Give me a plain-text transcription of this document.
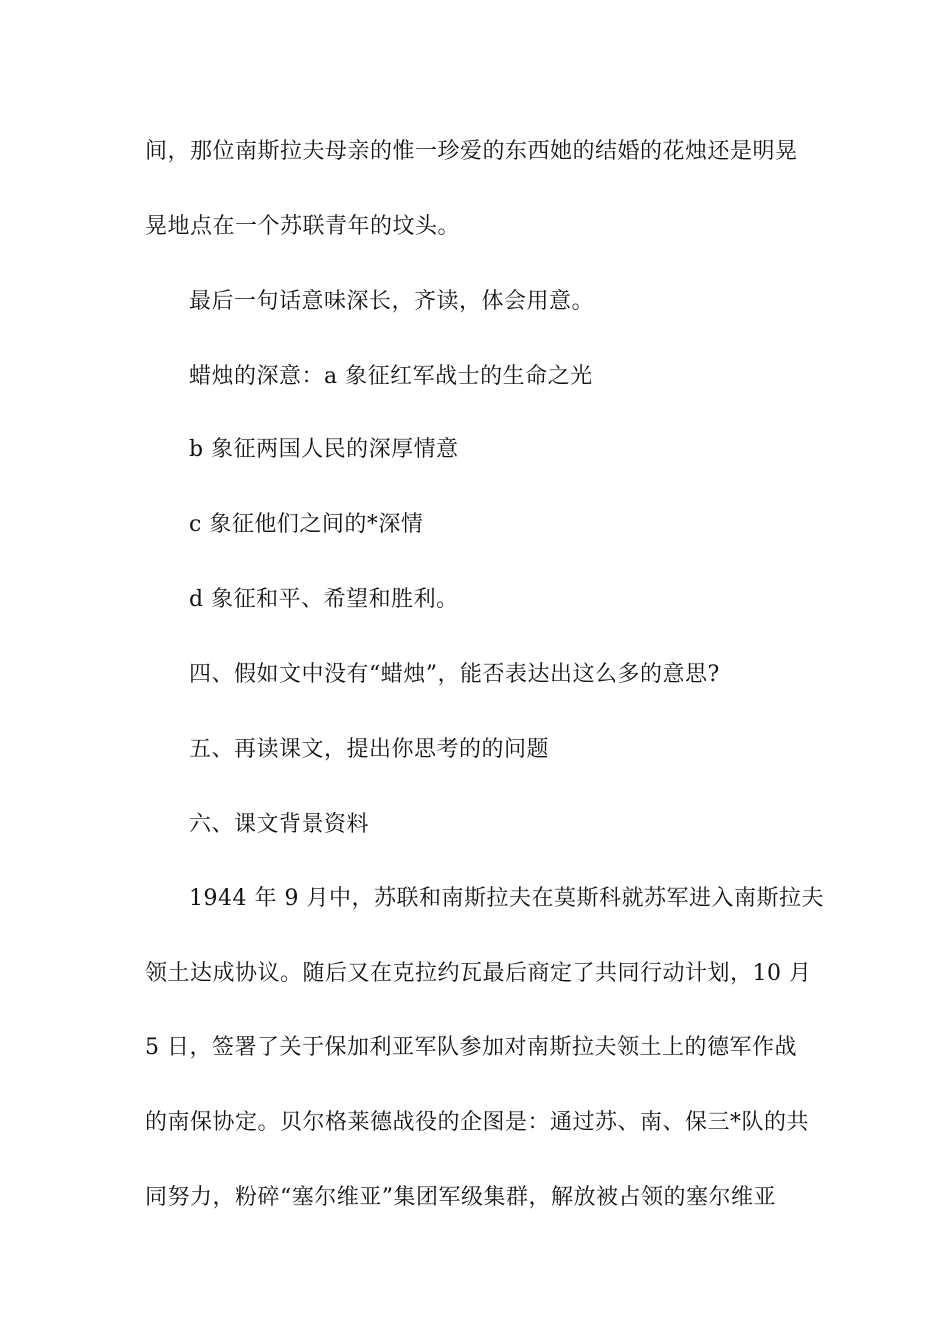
间，那位南斯拉夫母亲的惟一珍爱的东西她的结婚的花烛还是明晃
晃地点在一个苏联青年的坟头。
最后一句话意味深长，齐读，体会用意。
蜡烛的深意：a 象征红军战士的生命之光
b 象征两国人民的深厚情意
c 象征他们之间的*深情
d 象征和平、希望和胜利。
四、假如文中没有“蜡烛”，能否表达出这么多的意思?
五、再读课文，提出你思考的的问题
六、课文背景资料
1944 年 9 月中，苏联和南斯拉夫在莫斯科就苏军进入南斯拉夫
领土达成协议。随后又在克拉约瓦最后商定了共同行动计划，10 月
5 日，签署了关于保加利亚军队参加对南斯拉夫领土上的德军作战
的南保协定。贝尔格莱德战役的企图是：通过苏、南、保三*队的共
同努力，粉碎“塞尔维亚”集团军级集群，解放被占领的塞尔维亚
